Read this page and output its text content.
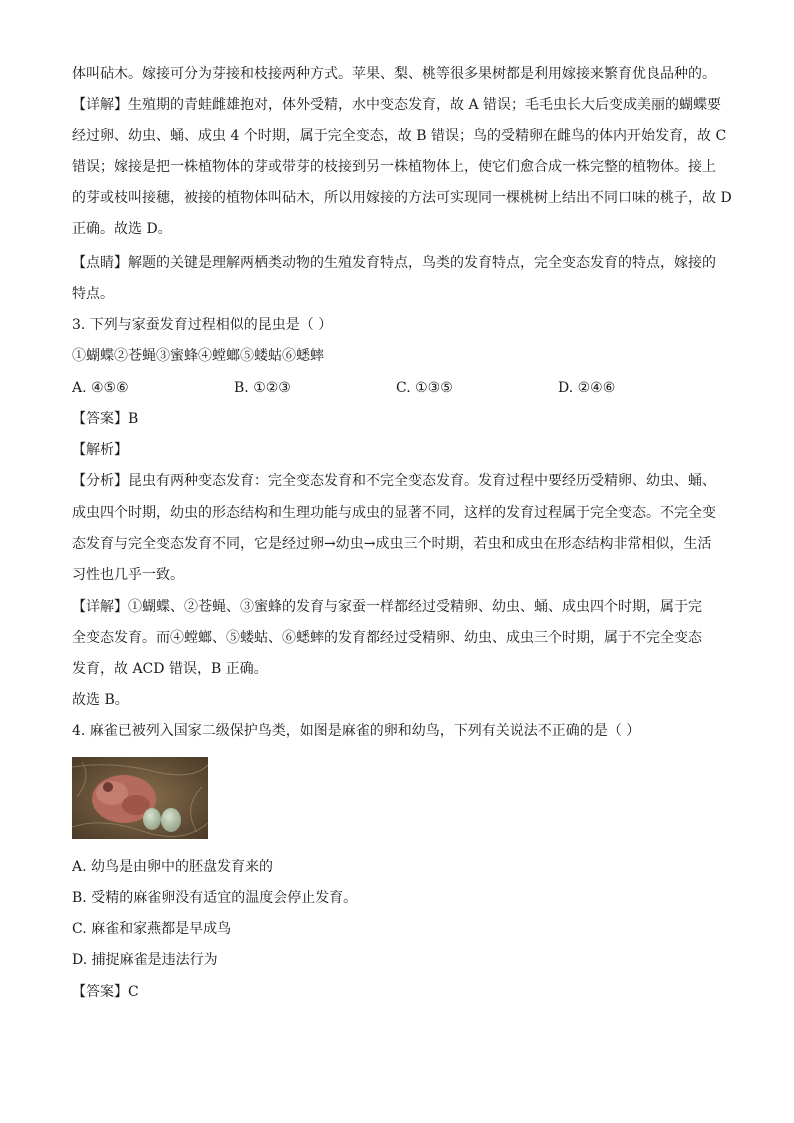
体叫砧木。嫁接可分为芽接和枝接两种方式。苹果、梨、桃等很多果树都是利用嫁接来繁育优良品种的。
【详解】生殖期的青蛙雌雄抱对，体外受精，水中变态发育，故 A 错误；毛毛虫长大后变成美丽的蝴蝶要
经过卵、幼虫、蛹、成虫 4 个时期，属于完全变态，故 B 错误；鸟的受精卵在雌鸟的体内开始发育，故 C
错误；嫁接是把一株植物体的芽或带芽的枝接到另一株植物体上，使它们愈合成一株完整的植物体。接上
的芽或枝叫接穗，被接的植物体叫砧木，所以用嫁接的方法可实现同一棵桃树上结出不同口味的桃子，故 D
正确。故选 D。
【点睛】解题的关键是理解两栖类动物的生殖发育特点，鸟类的发育特点，完全变态发育的特点，嫁接的
特点。
3. 下列与家蚕发育过程相似的昆虫是（ ）
①蝴蝶②苍蝇③蜜蜂④螳螂⑤蝼蛄⑥蟋蟀
A. ④⑤⑥	B. ①②③	C. ①③⑤	D. ②④⑥
【答案】B
【解析】
【分析】昆虫有两种变态发育：完全变态发育和不完全变态发育。发育过程中要经历受精卵、幼虫、蛹、
成虫四个时期，幼虫的形态结构和生理功能与成虫的显著不同，这样的发育过程属于完全变态。不完全变
态发育与完全变态发育不同，它是经过卵→幼虫→成虫三个时期，若虫和成虫在形态结构非常相似，生活
习性也几乎一致。
【详解】①蝴蝶、②苍蝇、③蜜蜂的发育与家蚕一样都经过受精卵、幼虫、蛹、成虫四个时期，属于完
全变态发育。而④螳螂、⑤蝼蛄、⑥蟋蟀的发育都经过受精卵、幼虫、成虫三个时期，属于不完全变态
发育，故 ACD 错误，B 正确。
故选 B。
4. 麻雀已被列入国家二级保护鸟类，如图是麻雀的卵和幼鸟，下列有关说法不正确的是（ ）
A. 幼鸟是由卵中的胚盘发育来的
B. 受精的麻雀卵没有适宜的温度会停止发育。
C. 麻雀和家燕都是早成鸟
D. 捕捉麻雀是违法行为
【答案】C
